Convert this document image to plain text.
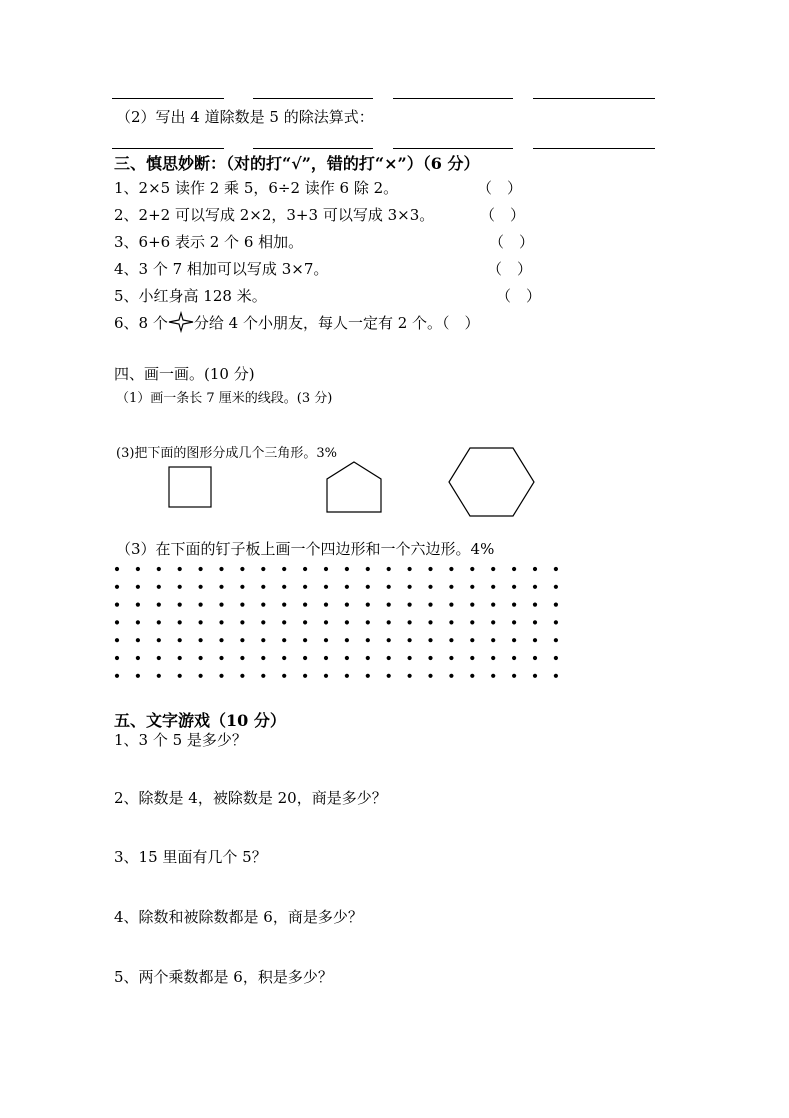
（2）写出 4 道除数是 5 的除法算式：
三、慎思妙断：（对的打“√”，错的打“×”）（6 分）
1、2×5 读作 2 乘 5，6÷2 读作 6 除 2。	（　）
2、2+2 可以写成 2×2，3+3 可以写成 3×3。	（　）
3、6+6 表示 2 个 6 相加。	（　）
4、3 个 7 相加可以写成 3×7。	（　）
5、小红身高 128 米。	（　）
6、8 个 分给 4 个小朋友，每人一定有 2 个。（　）
四、画一画。(10 分)
（1）画一条长 7 厘米的线段。(3 分)
(3)把下面的图形分成几个三角形。3%
（3）在下面的钉子板上画一个四边形和一个六边形。4%
五、文字游戏（10 分）
1、3 个 5 是多少？
2、除数是 4，被除数是 20，商是多少？
3、15 里面有几个 5？
4、除数和被除数都是 6，商是多少？
5、两个乘数都是 6，积是多少？
